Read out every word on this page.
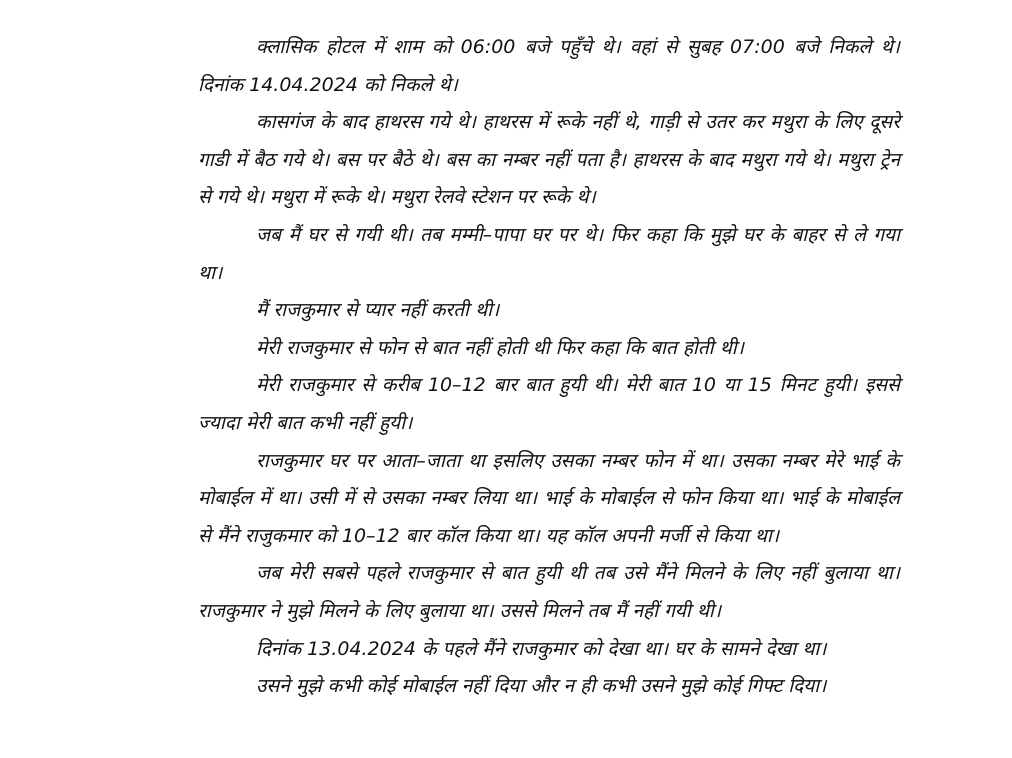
क्लासिक होटल में शाम को 06:00 बजे पहुँचे थे। वहां से सुबह 07:00 बजे निकले थे। दिनांक 14.04.2024 को निकले थे।

कासगंज के बाद हाथरस गये थे। हाथरस में रूके नहीं थे, गाड़ी से उतर कर मथुरा के लिए दूसरे गाडी में बैठ गये थे। बस पर बैठे थे। बस का नम्बर नहीं पता है। हाथरस के बाद मथुरा गये थे। मथुरा ट्रेन से गये थे। मथुरा में रूके थे। मथुरा रेलवे स्टेशन पर रूके थे।

जब मैं घर से गयी थी। तब मम्मी–पापा घर पर थे। फिर कहा कि मुझे घर के बाहर से ले गया था।

मैं राजकुमार से प्यार नहीं करती थी।

मेरी राजकुमार से फोन से बात नहीं होती थी फिर कहा कि बात होती थी।

मेरी राजकुमार से करीब 10–12 बार बात हुयी थी। मेरी बात 10 या 15 मिनट हुयी। इससे ज्यादा मेरी बात कभी नहीं हुयी।

राजकुमार घर पर आता–जाता था इसलिए उसका नम्बर फोन में था। उसका नम्बर मेरे भाई के मोबाईल में था। उसी में से उसका नम्बर लिया था। भाई के मोबाईल से फोन किया था। भाई के मोबाईल से मैंने राजुकमार को 10–12 बार कॉल किया था। यह कॉल अपनी मर्जी से किया था।

जब मेरी सबसे पहले राजकुमार से बात हुयी थी तब उसे मैंने मिलने के लिए नहीं बुलाया था। राजकुमार ने मुझे मिलने के लिए बुलाया था। उससे मिलने तब मैं नहीं गयी थी।

दिनांक 13.04.2024 के पहले मैंने राजकुमार को देखा था। घर के सामने देखा था।

उसने मुझे कभी कोई मोबाईल नहीं दिया और न ही कभी उसने मुझे कोई गिफ्ट दिया।
